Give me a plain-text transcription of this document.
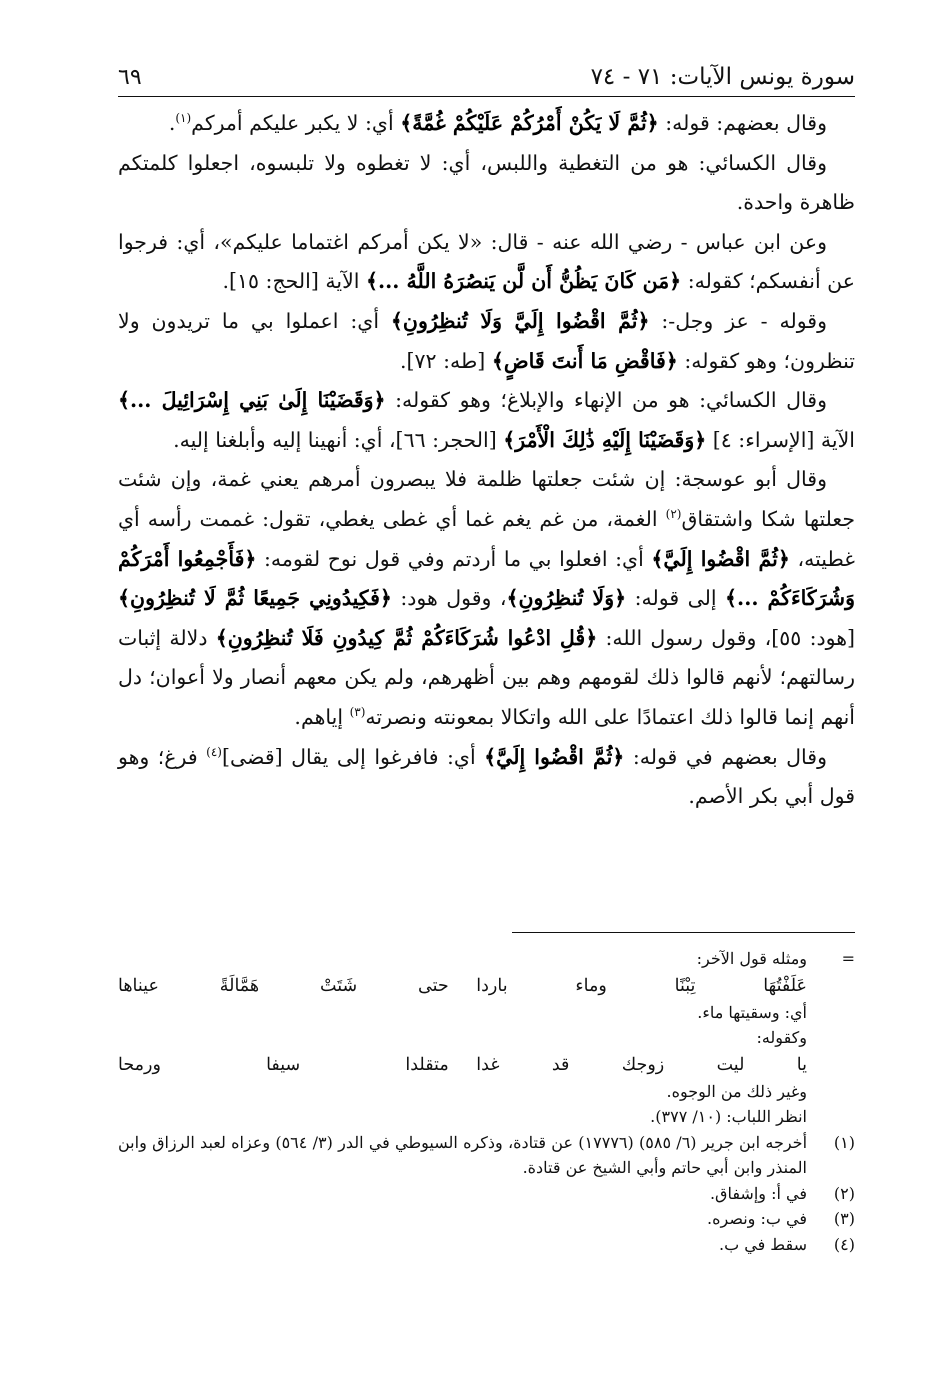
سورة يونس الآيات: ٧١ - ٧٤
٦٩

وقال بعضهم: قوله: ﴿ثُمَّ لَا يَكُنْ أَمْرُكُمْ عَلَيْكُمْ غُمَّةً﴾ أي: لا يكبر عليكم أمركم$^{(١)}$.

وقال الكسائي: هو من التغطية واللبس، أي: لا تغطوه ولا تلبسوه، اجعلوا كلمتكم ظاهرة واحدة.

وعن ابن عباس - رضي الله عنه - قال: «لا يكن أمركم اغتماما عليكم»، أي: فرجوا عن أنفسكم؛ كقوله: ﴿مَن كَانَ يَظُنُّ أَن لَّن يَنصُرَهُ اللَّهُ ...﴾ الآية [الحج: ١٥].

وقوله - عز وجل-: ﴿ثُمَّ اقْضُوا إِلَيَّ وَلَا تُنظِرُونِ﴾ أي: اعملوا بي ما تريدون ولا تنظرون؛ وهو كقوله: ﴿فَاقْضِ مَا أَنتَ قَاضٍ﴾ [طه: ٧٢].

وقال الكسائي: هو من الإنهاء والإبلاغ؛ وهو كقوله: ﴿وَقَضَيْنَا إِلَىٰ بَنِي إِسْرَائِيلَ ...﴾ الآية [الإسراء: ٤] ﴿وَقَضَيْنَا إِلَيْهِ ذَٰلِكَ الْأَمْرَ﴾ [الحجر: ٦٦]، أي: أنهينا إليه وأبلغنا إليه.

وقال أبو عوسجة: إن شئت جعلتها ظلمة فلا يبصرون أمرهم يعني غمة، وإن شئت جعلتها شكا واشتقاق$^{(٢)}$ الغمة، من غم يغم غما أي غطى يغطي، تقول: غممت رأسه أي غطيته، ﴿ثُمَّ اقْضُوا إِلَيَّ﴾ أي: افعلوا بي ما أردتم وفي قول نوح لقومه: ﴿فَأَجْمِعُوا أَمْرَكُمْ وَشُرَكَاءَكُمْ ...﴾ إلى قوله: ﴿وَلَا تُنظِرُونِ﴾، وقول هود: ﴿فَكِيدُونِي جَمِيعًا ثُمَّ لَا تُنظِرُونِ﴾ [هود: ٥٥]، وقول رسول الله: ﴿قُلِ ادْعُوا شُرَكَاءَكُمْ ثُمَّ كِيدُونِ فَلَا تُنظِرُونِ﴾ دلالة إثبات رسالتهم؛ لأنهم قالوا ذلك لقومهم وهم بين أظهرهم، ولم يكن معهم أنصار ولا أعوان؛ دل أنهم إنما قالوا ذلك اعتمادًا على الله واتكالا بمعونته ونصرته$^{(٣)}$ إياهم.

وقال بعضهم في قوله: ﴿ثُمَّ اقْضُوا إِلَيَّ﴾ أي: فافرغوا إلى يقال [قضى]$^{(٤)}$ فرغ؛ وهو قول أبي بكر الأصم.

=ومثله قول الآخر:

عَلَفْتُهَا تِبْنًا وماء باردا
حتى شَتَتْ هَمَّالَةً عيناها

أي: وسقيتها ماء.

وكقوله:

يا ليت زوجك قد غدا
متقلدا سيفا ورمحا

وغير ذلك من الوجوه.

انظر اللباب: (١٠/ ٣٧٧).

(١)
أخرجه ابن جرير (٦/ ٥٨٥) (١٧٧٧٦) عن قتادة، وذكره السيوطي في الدر (٣/ ٥٦٤) وعزاه لعبد الرزاق وابن المنذر وابن أبي حاتم وأبي الشيخ عن قتادة.
(٢)
في أ: وإشفاق.
(٣)
في ب: ونصره.
(٤)
سقط في ب.
